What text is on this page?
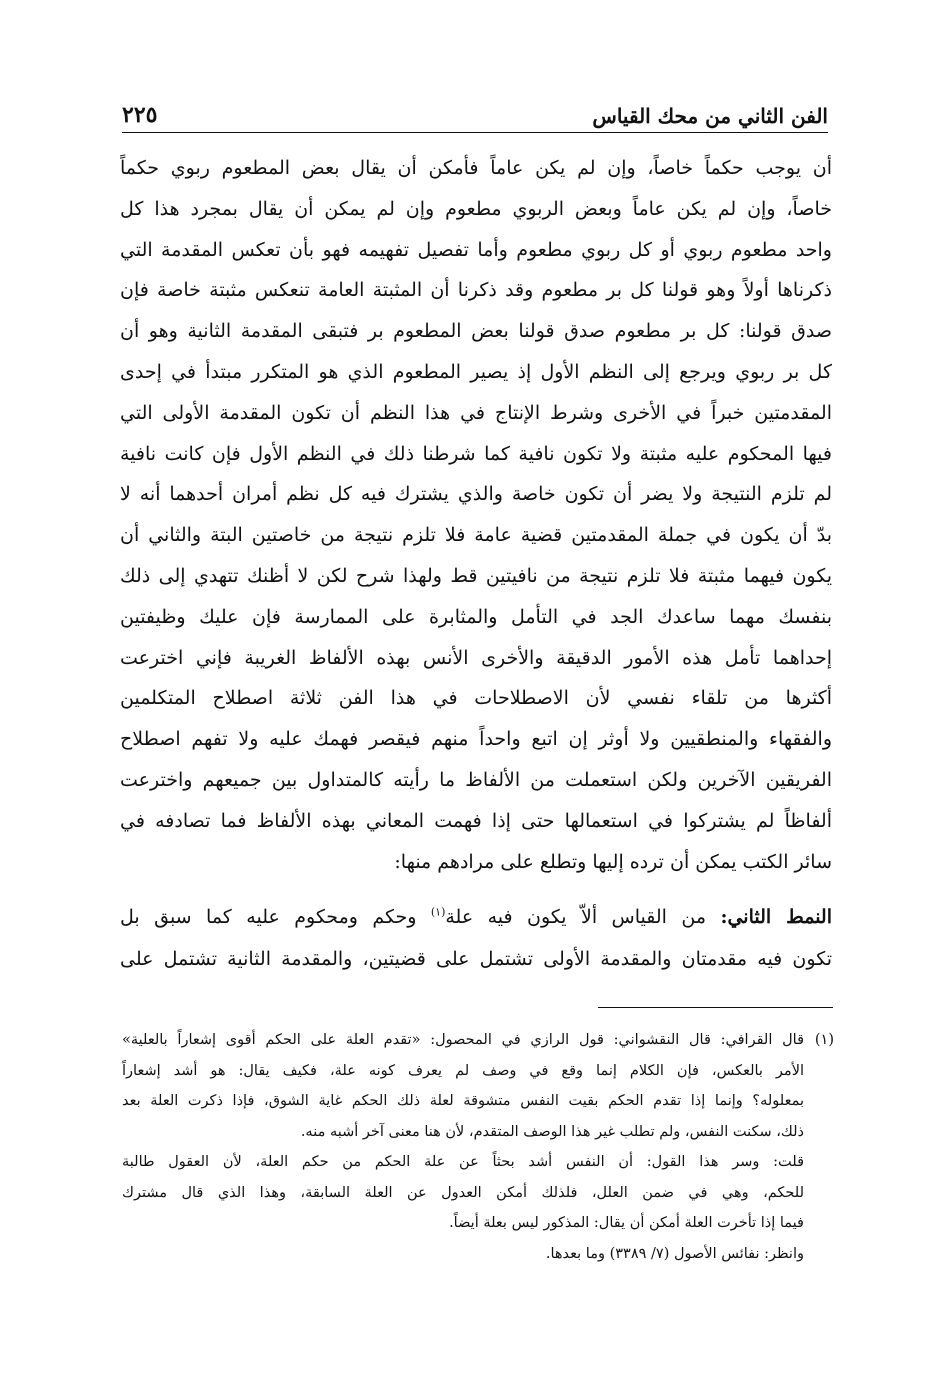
الفن الثاني من محك القياس
٢٢٥
أن يوجب حكماً خاصاً، وإن لم يكن عاماً فأمكن أن يقال بعض المطعوم ربوي حكماً
خاصاً، وإن لم يكن عاماً وبعض الربوي مطعوم وإن لم يمكن أن يقال بمجرد هذا كل
واحد مطعوم ربوي أو كل ربوي مطعوم وأما تفصيل تفهيمه فهو بأن تعكس المقدمة التي
ذكرناها أولاً وهو قولنا كل بر مطعوم وقد ذكرنا أن المثبتة العامة تنعكس مثبتة خاصة فإن
صدق قولنا: كل بر مطعوم صدق قولنا بعض المطعوم بر فتبقى المقدمة الثانية وهو أن
كل بر ربوي ويرجع إلى النظم الأول إذ يصير المطعوم الذي هو المتكرر مبتدأ في إحدى
المقدمتين خبراً في الأخرى وشرط الإنتاج في هذا النظم أن تكون المقدمة الأولى التي
فيها المحكوم عليه مثبتة ولا تكون نافية كما شرطنا ذلك في النظم الأول فإن كانت نافية
لم تلزم النتيجة ولا يضر أن تكون خاصة والذي يشترك فيه كل نظم أمران أحدهما أنه لا
بدّ أن يكون في جملة المقدمتين قضية عامة فلا تلزم نتيجة من خاصتين البتة والثاني أن
يكون فيهما مثبتة فلا تلزم نتيجة من نافيتين قط ولهذا شرح لكن لا أظنك تتهدي إلى ذلك
بنفسك مهما ساعدك الجد في التأمل والمثابرة على الممارسة فإن عليك وظيفتين
إحداهما تأمل هذه الأمور الدقيقة والأخرى الأنس بهذه الألفاظ الغريبة فإني اخترعت
أكثرها من تلقاء نفسي لأن الاصطلاحات في هذا الفن ثلاثة اصطلاح المتكلمين
والفقهاء والمنطقيين ولا أوثر إن اتبع واحداً منهم فيقصر فهمك عليه ولا تفهم اصطلاح
الفريقين الآخرين ولكن استعملت من الألفاظ ما رأيته كالمتداول بين جميعهم واخترعت
ألفاظاً لم يشتركوا في استعمالها حتى إذا فهمت المعاني بهذه الألفاظ فما تصادفه في
سائر الكتب يمكن أن ترده إليها وتطلع على مرادهم منها:
النمط الثاني: من القياس ألاّ يكون فيه علة$^{(١)}$ وحكم ومحكوم عليه كما سبق بل
تكون فيه مقدمتان والمقدمة الأولى تشتمل على قضيتين، والمقدمة الثانية تشتمل على
(١)
قال القرافي: قال النقشواني: قول الرازي في المحصول: «تقدم العلة على الحكم أقوى إشعاراً بالعلية»
الأمر بالعكس، فإن الكلام إنما وقع في وصف لم يعرف كونه علة، فكيف يقال: هو أشد إشعاراً
بمعلوله؟ وإنما إذا تقدم الحكم بقيت النفس متشوقة لعلة ذلك الحكم غاية الشوق، فإذا ذكرت العلة بعد
ذلك، سكنت النفس، ولم تطلب غير هذا الوصف المتقدم، لأن هنا معنى آخر أشبه منه.
قلت: وسر هذا القول: أن النفس أشد بحثاً عن علة الحكم من حكم العلة، لأن العقول طالبة
للحكم، وهي في ضمن العلل، فلذلك أمكن العدول عن العلة السابقة، وهذا الذي قال مشترك
فيما إذا تأخرت العلة أمكن أن يقال: المذكور ليس بعلة أيضاً.
وانظر: نفائس الأصول (٧/ ٣٣٨٩) وما بعدها.
